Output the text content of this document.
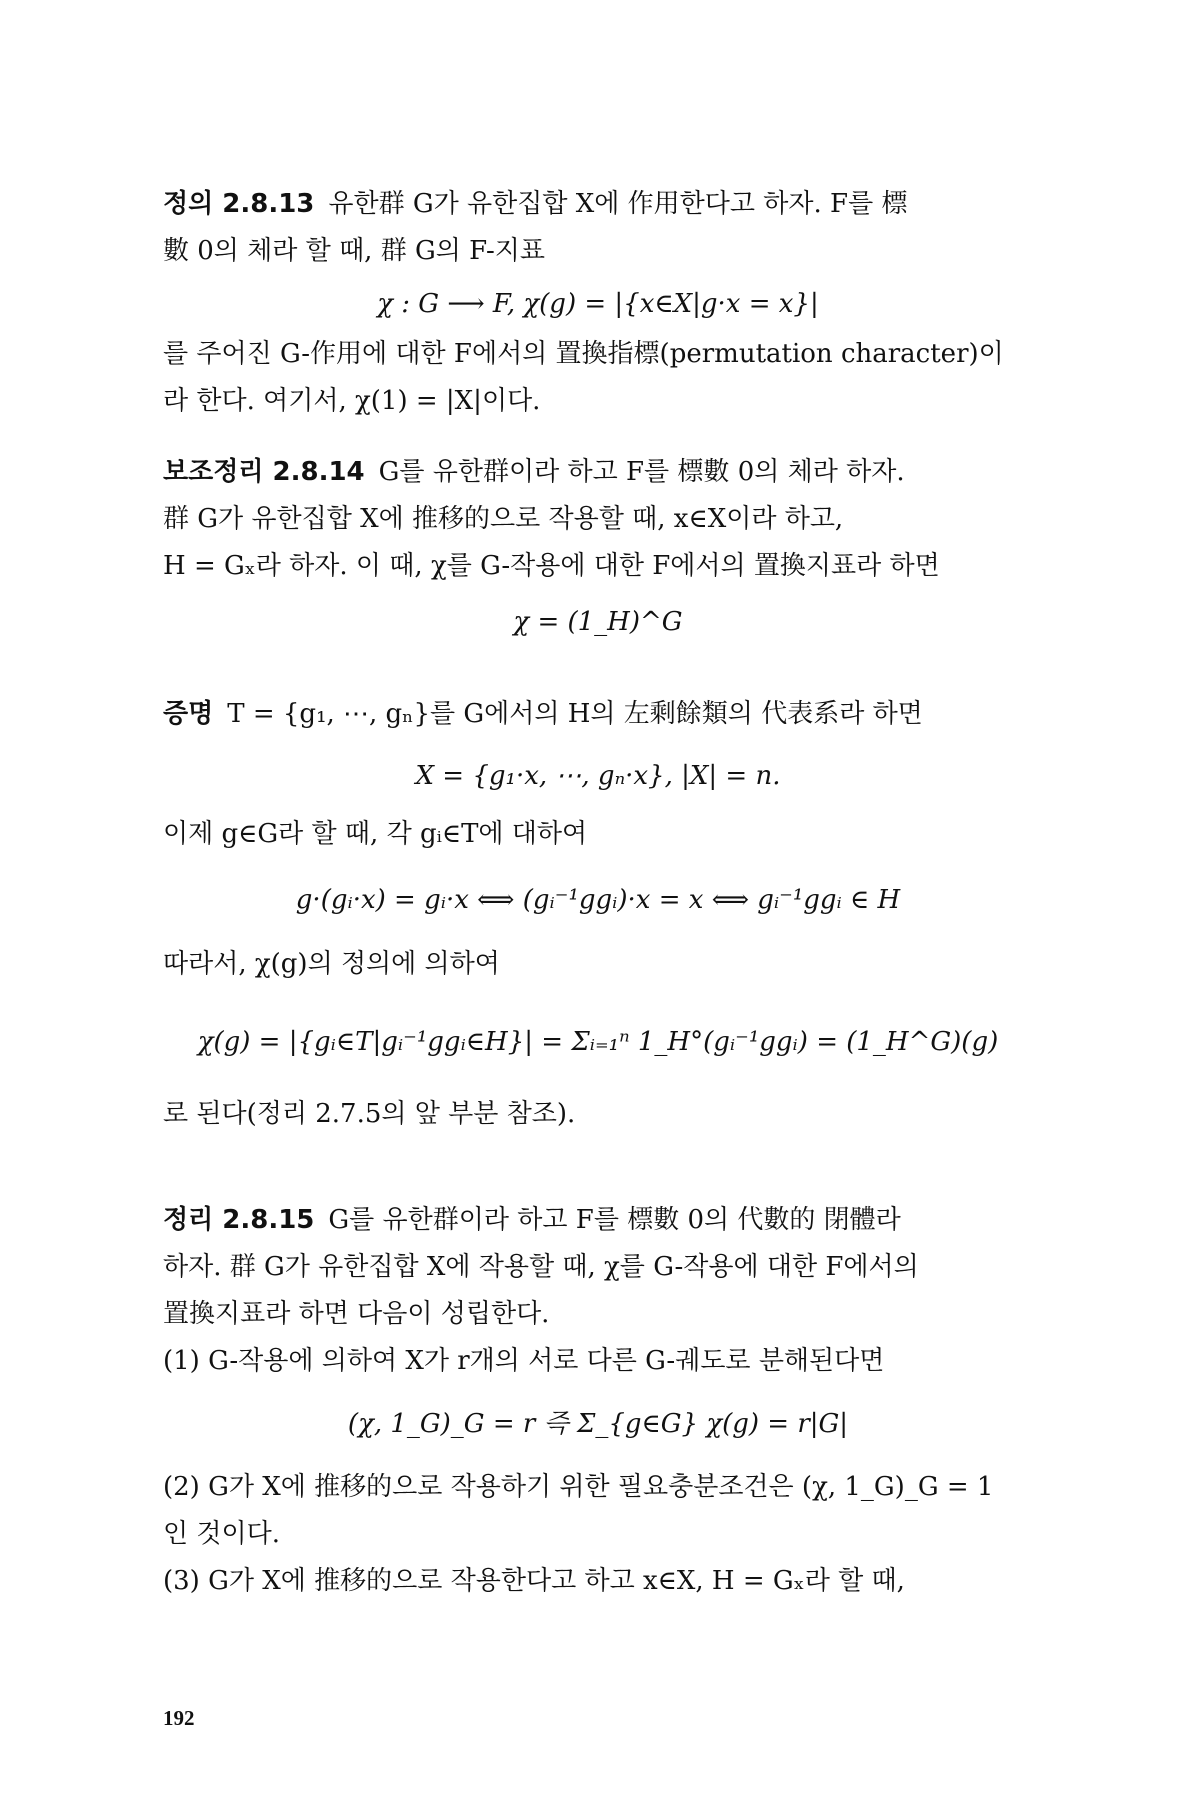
정의 2.8.13 유한群 G가 유한집합 X에 作用한다고 하자. F를 標
數 0의 체라 할 때, 群 G의 F-지표
χ : G ⟶ F, χ(g) = |{x∈X|g·x = x}|
를 주어진 G-作用에 대한 F에서의 置換指標(permutation character)이
라 한다. 여기서, χ(1) = |X|이다.
보조정리 2.8.14 G를 유한群이라 하고 F를 標數 0의 체라 하자.
群 G가 유한집합 X에 推移的으로 작용할 때, x∈X이라 하고,
H = Gₓ라 하자. 이 때, χ를 G-작용에 대한 F에서의 置換지표라 하면
χ = (1_H)^G
증명 T = {g₁, ⋯, gₙ}를 G에서의 H의 左剩餘類의 代表系라 하면
X = {g₁·x, ⋯, gₙ·x}, |X| = n.
이제 g∈G라 할 때, 각 gᵢ∈T에 대하여
g·(gᵢ·x) = gᵢ·x ⟺ (gᵢ⁻¹ggᵢ)·x = x ⟺ gᵢ⁻¹ggᵢ ∈ H
따라서, χ(g)의 정의에 의하여
χ(g) = |{gᵢ∈T|gᵢ⁻¹ggᵢ∈H}| = Σᵢ₌₁ⁿ 1_H°(gᵢ⁻¹ggᵢ) = (1_H^G)(g)
로 된다(정리 2.7.5의 앞 부분 참조).
정리 2.8.15 G를 유한群이라 하고 F를 標數 0의 代數的 閉體라
하자. 群 G가 유한집합 X에 작용할 때, χ를 G-작용에 대한 F에서의
置換지표라 하면 다음이 성립한다.
(1) G-작용에 의하여 X가 r개의 서로 다른 G-궤도로 분해된다면
(χ, 1_G)_G = r 즉 Σ_{g∈G} χ(g) = r|G|
(2) G가 X에 推移的으로 작용하기 위한 필요충분조건은 (χ, 1_G)_G = 1
인 것이다.
(3) G가 X에 推移的으로 작용한다고 하고 x∈X, H = Gₓ라 할 때,
192
